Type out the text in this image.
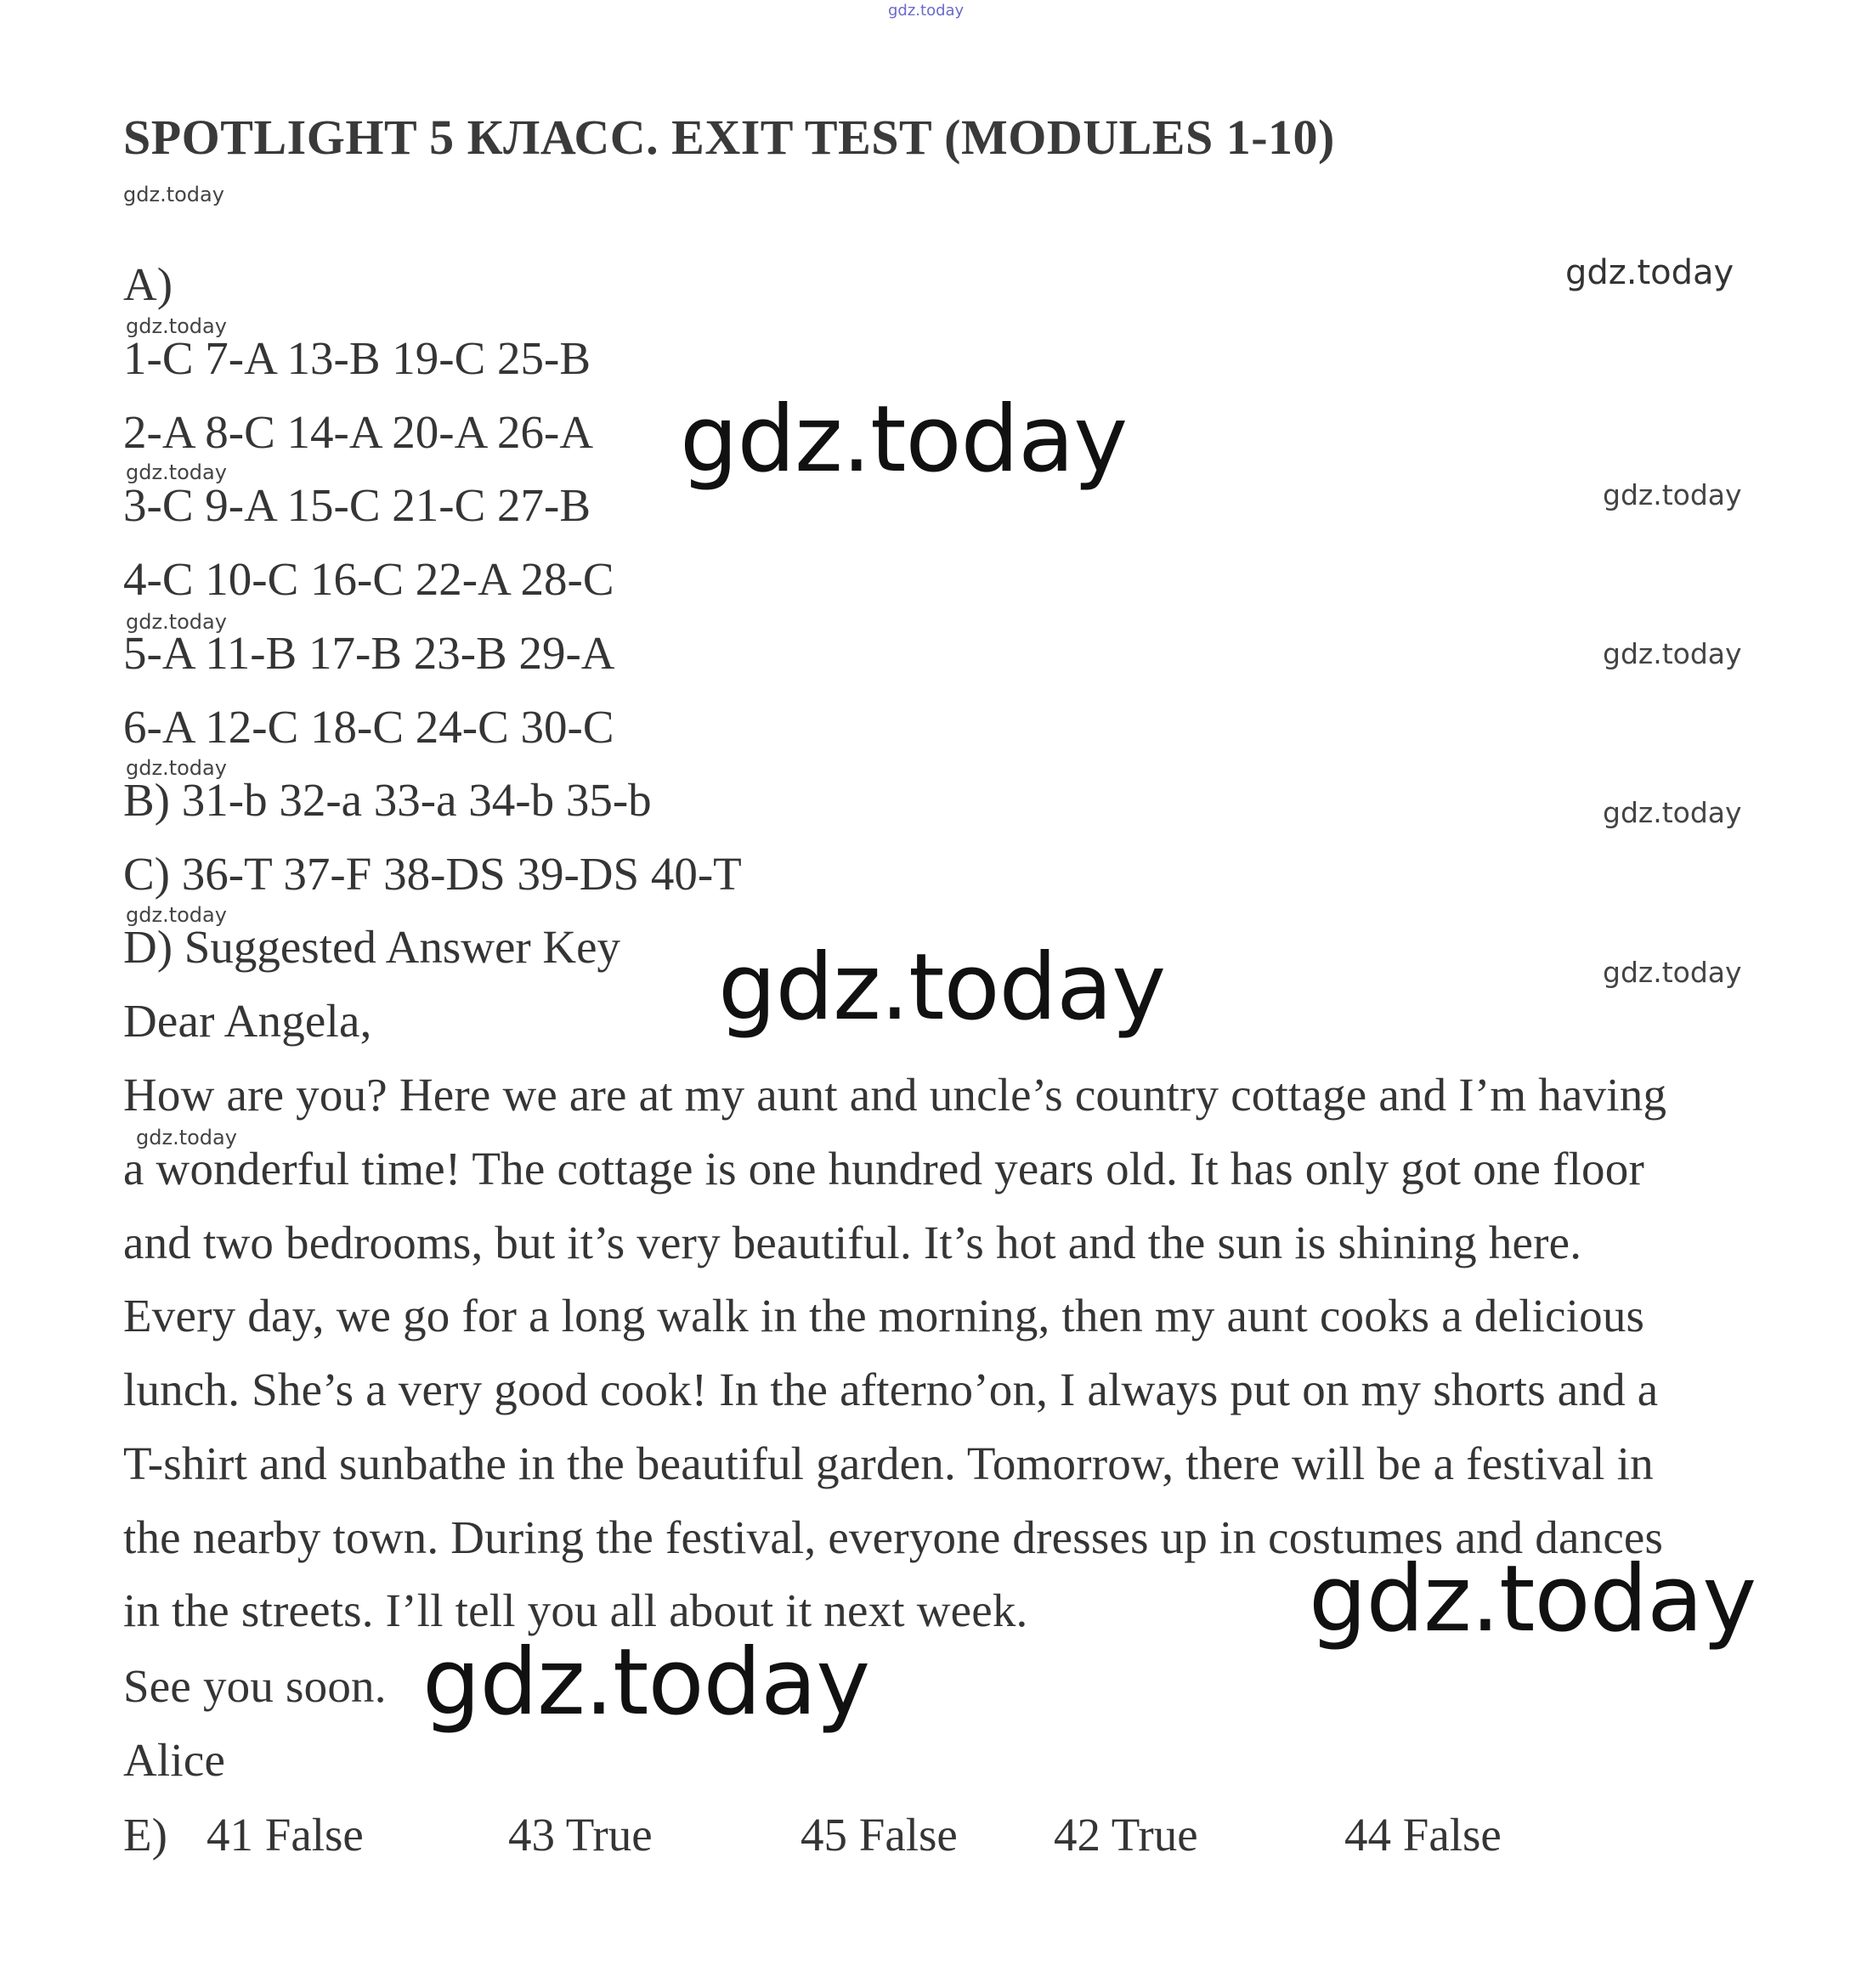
gdz.today
SPOTLIGHT 5 КЛАСС. EXIT TEST (MODULES 1-10)
gdz.today
A)	gdz.today
gdz.today
1-C 7-A 13-B 19-C 25-B
2-A 8-C 14-A 20-A 26-A gdz.today
gdz.today
3-C 9-A 15-C 21-C 27-B	gdz.today
4-C 10-C 16-C 22-A 28-C
gdz.today
5-A 11-B 17-B 23-B 29-A	gdz.today
6-A 12-C 18-C 24-C 30-C
gdz.today
B) 31-b 32-a 33-a 34-b 35-b	gdz.today
C) 36-T 37-F 38-DS 39-DS 40-T
gdz.today
D) Suggested Answer Key gdz.today	gdz.today
Dear Angela,
How are you? Here we are at my aunt and uncle’s country cottage and I’m having
gdz.today
a wonderful time! The cottage is one hundred years old. It has only got one floor
and two bedrooms, but it’s very beautiful. It’s hot and the sun is shining here.
Every day, we go for a long walk in the morning, then my aunt cooks a delicious
lunch. She’s a very good cook! In the afterno’on, I always put on my shorts and a
T-shirt and sunbathe in the beautiful garden. Tomorrow, there will be a festival in
the nearby town. During the festival, everyone dresses up in costumes and dances
in the streets. I’ll tell you all about it next week.	gdz.today
See you soon. gdz.today
Alice
E) 41 False	43 True	45 False 42 True	44 False
